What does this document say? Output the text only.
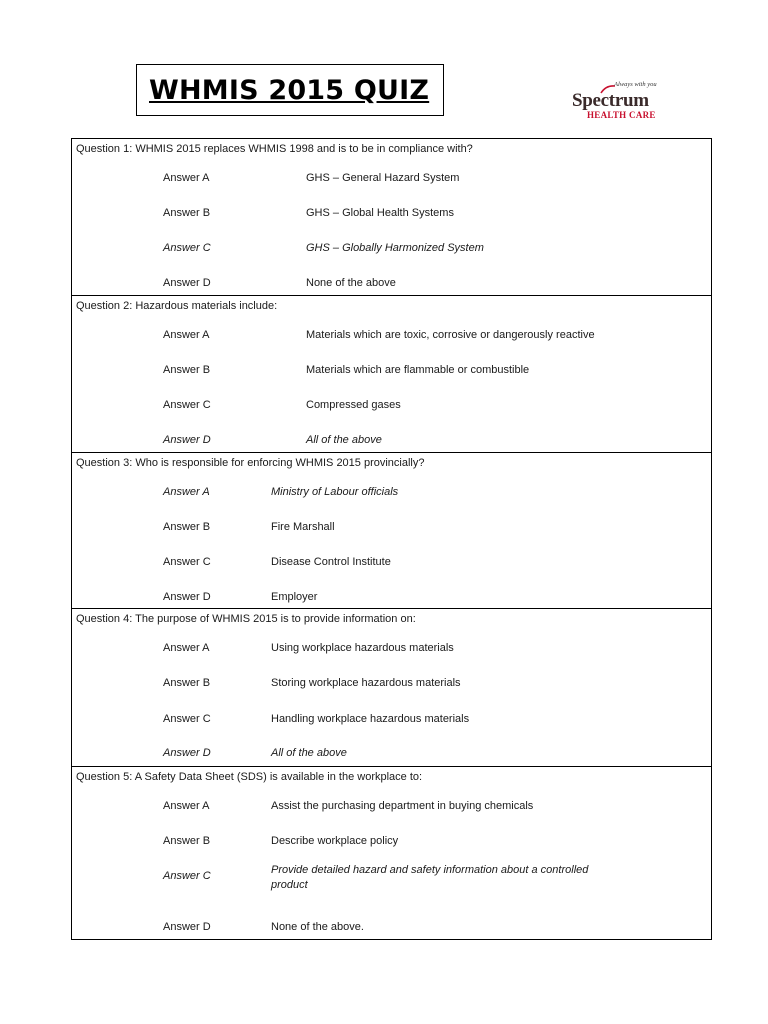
WHMIS 2015 QUIZ	Always with you
Spectrum
HEALTH CARE
Question 1: WHMIS 2015 replaces WHMIS 1998 and is to be in compliance with?
Answer A	GHS – General Hazard System
Answer B	GHS – Global Health Systems
Answer C	GHS – Globally Harmonized System
Answer D	None of the above
Question 2: Hazardous materials include:
Answer A	Materials which are toxic, corrosive or dangerously reactive
Answer B	Materials which are flammable or combustible
Answer C	Compressed gases
Answer D	All of the above
Question 3: Who is responsible for enforcing WHMIS 2015 provincially?
Answer A	Ministry of Labour officials
Answer B	Fire Marshall
Answer C	Disease Control Institute
Answer D	Employer
Question 4: The purpose of WHMIS 2015 is to provide information on:
Answer A	Using workplace hazardous materials
Answer B	Storing workplace hazardous materials
Answer C	Handling workplace hazardous materials
Answer D	All of the above
Question 5: A Safety Data Sheet (SDS) is available in the workplace to:
Answer A	Assist the purchasing department in buying chemicals
Answer B	Describe workplace policy
Answer C	Provide detailed hazard and safety information about a controlled product
Answer D	None of the above.
